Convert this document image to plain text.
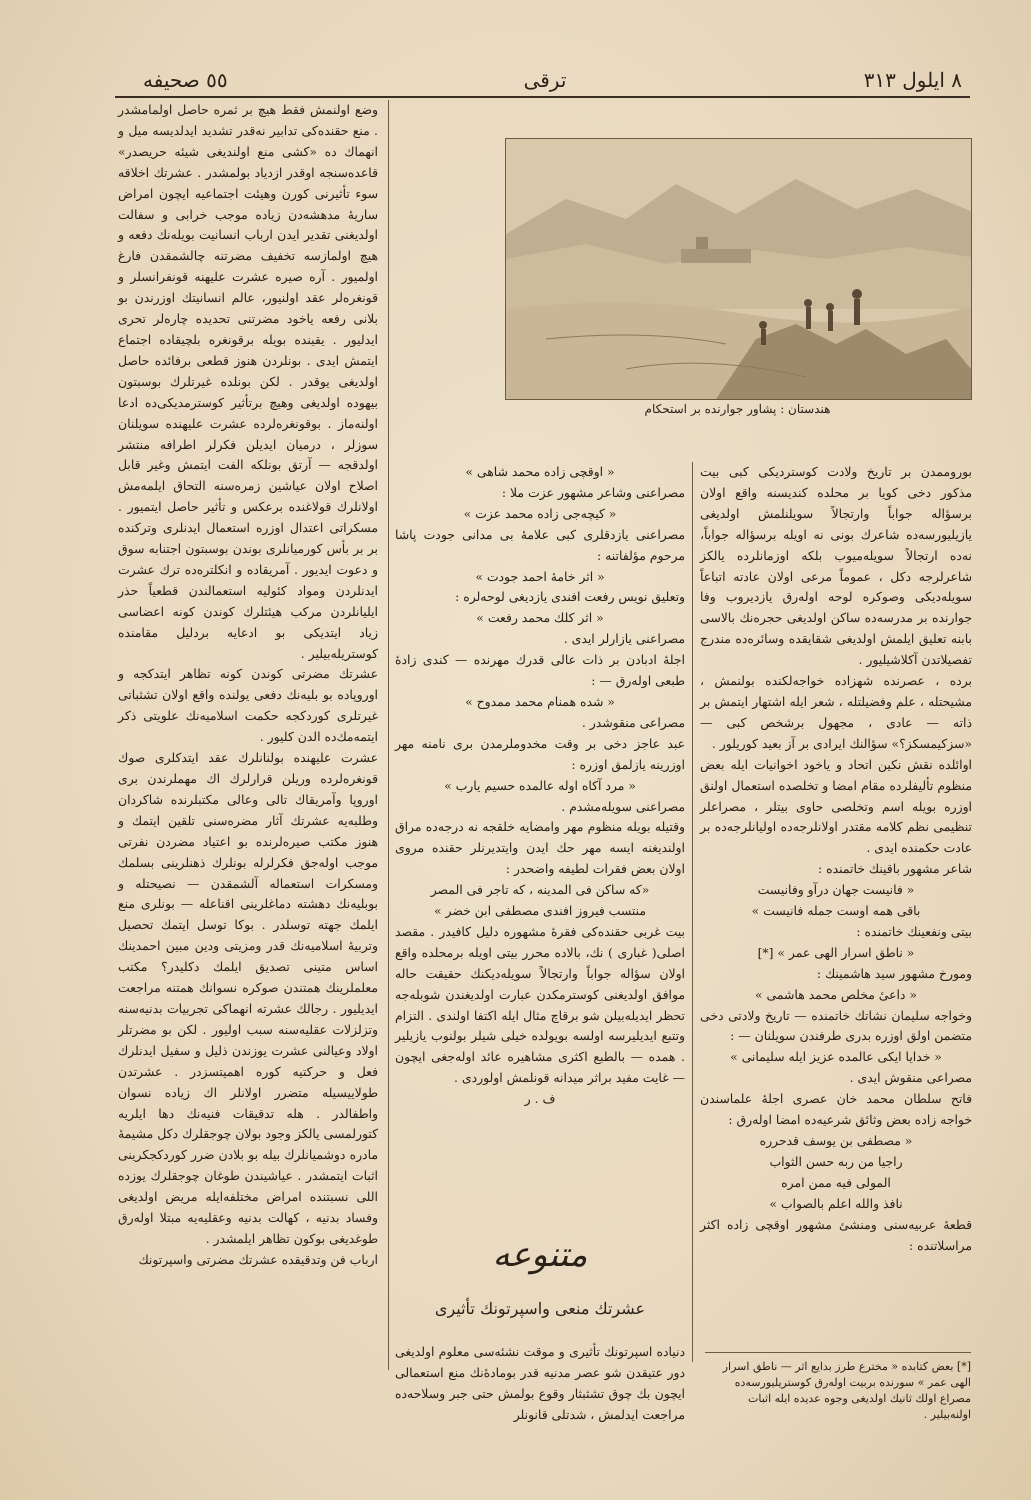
٥٥ صحیفه	ترقی	٨ ایلول ٣١٣

وضع اولنمش فقط هیچ بر ثمره حاصل اولمامشدر . منع حقنده‌کی تدابیر نه‌قدر تشدید ایدلدیسه میل و انهماك ده «کشی منع اولندیغی شیئه حریصدر» قاعده‌سنجه اوقدر ازدیاد بولمشدر . عشرتك اخلاقه سوء تأثیرنی کورن وهیئت اجتماعیه ایچون امراض ساریهٔ مدهشه‌دن زیاده موجب خرابی و سفالت اولدیغنی تقدیر ایدن ارباب انسانیت بویله‌نك دفعه و هیچ اولمازسه تخفیف مضرتنه چالشمقدن فارغ اولمیور . آره صیره عشرت علیهنه قونفرانسلر و قونغره‌لر عقد اولنیور، عالم انسانیتك اوزرندن بو بلانی رفعه یاخود مضرتنی تحدیده چاره‌لر تحری ایدلیور . یقینده بویله برقونغره بلچیقاده اجتماع ایتمش ایدی . بونلردن هنوز قطعی برفائده حاصل اولدیغی یوقدر . لکن بونلده غیرتلرك بوسبتون بیهوده اولدیغی وهیچ برتأثیر کوسترمدیکی‌ده ادعا اولنه‌ماز . بوقونغره‌لرده عشرت علیهنده سویلنان سوزلر ، درمیان ایدیلن فکرلر اطرافه منتشر اولدقجه — آرتق بونلکه الفت ایتمش وغیر قابل اصلاح اولان عیاشین زمره‌سنه التحاق ایلمه‌مش اولانلرك قولاغنده برعکس و تأثیر حاصل ایتمیور . مسکراتی اعتدال اوزره استعمال ایدنلری وترکنده بر بر بأس کورمیانلری بوندن بوسبتون اجتنابه سوق و دعوت ایدیور . آمریقاده و انکلتره‌ده ترك عشرت ایدنلردن ومواد کئولیه استعمالندن قطعیاً حذر ایلیانلردن مرکب هیئتلرك کوندن کونه اعضاسی زیاد ایتدیکی بو ادعایه بردلیل مقامنده کوستریله‌بیلیر .

عشرتك مضرتی کوندن کونه تظاهر ایتدکجه و اوروپاده بو بلیه‌نك دفعی یولنده واقع اولان تشثباتی غیرتلری کوردکجه حکمت اسلامیه‌نك علویتی ذکر ایتمه‌مك‌ده الدن کلیور .

عشرت علیهنده بولنانلرك عقد ایتدکلری صوك قونغره‌لرده وریلن قرارلرك اك مهملرندن بری اوروپا وآمریقاك تالی وعالی مکتبلرنده شاکردان وطلبه‌یه عشرتك آثار مضره‌سنی تلقین ایتمك و هنوز مکتب صیره‌لرنده بو اعتیاد مضردن نفرتی موجب اوله‌جق فکرلرله بونلرك ذهنلرینی بسلمك ومسکرات استعماله آلشمقدن — نصیحتله و بوبلیه‌نك دهشته دماغلرینی اقناعله — بونلری منع ایلمك جهته توسلدر . بوکا توسل ایتمك تحصیل وتربیهٔ اسلامیه‌نك قدر ومزیتی ودین مبین احمدینك اساس متینی تصدیق ایلمك دکلیدر؟ مکتب معلملرینك همتندن صوکره نسوانك همتنه مراجعت ایدیلیور . رجالك عشرته انهماکی تجربیات بدنیه‌سنه وتزلزلات عقلیه‌سنه سبب اولیور . لکن بو مضرتلر اولاد وعیالنی عشرت یوزندن ذلیل و سفیل ایدنلرك فعل و حرکتیه کوره اهمیتسزدر . عشرتدن طولاییسیله متضرر اولانلر اك زیاده نسوان واطفالدر . هله تدقیقات فنیه‌نك دها ایلریه کتورلمسی یالکز وجود بولان چوجقلرك دکل مشیمهٔ مادره دوشمیانلرك بیله بو بلادن ضرر کوردکجکرینی اثبات ایتمشدر . عیاشیندن طوغان چوجقلرك یوزده اللی نسبتنده امراض مختلفه‌ایله مریض اولدیغی وفساد بدنیه ، کهالت بدنیه وعقلیه‌یه مبتلا اوله‌رق طوغدیغی بوکون تظاهر ایلمشدر .

ارباب فن وتدقیقده عشرتك مضرتی واسپرتونك

هندستان : پشاور جوارنده بر استحکام

« اوقچی زاده محمد شاهی »

مصراعنی وشاعر مشهور عزت ملا :

« کیچه‌جی زاده محمد عزت »

مصراعنی یازدقلری کبی علامهٔ بی مدانی جودت پاشا مرحوم مؤلفاتنه :

« اثر خامهٔ احمد جودت »

وتعلیق نویس رفعت افندی یازدیغی لوحه‌لره :

« اثر کلك محمد رفعت »

مصراعنی یازارلر ایدی .

اجلهٔ ادبادن بر ذات عالی قدرك مهرنده — کندی زادهٔ طبعی اوله‌رق — :

« شده همنام محمد ممدوح »

مصراعی منقوشدر .

عبد عاجز دخی بر وقت مخدوملرمدن بری نامنه مهر اوزرینه یازلمق اوزره :

« مرد آکاه اوله عالمده حسیم یارب »

مصراعنی سویله‌مشدم .

وقتیله بویله منظوم مهر وامضایه خلقجه نه درجه‌ده مراق اولندیغنه ایسه مهر حك ایدن وایتدیرنلر حقنده مروی اولان بعض فقرات لطیفه واضحدر :

«که ساکن فی المدینه ، که تاجر فی المصر

منتسب فیروز افندی مصطفی ابن خضر »

بیت غربی حقنده‌کی فقرهٔ مشهوره دلیل کافیدر . مقصد اصلی( غباری ) نك، بالاده محرر بیتی اویله برمحلده واقع اولان سؤاله جواباً وارتجالاً سویله‌دیکنك حقیقت حاله موافق اولدیغنی کوسترمکدن عبارت اولدیغندن شوبله‌جه تحظر ایدیله‌بیلن شو برقاچ مثال ایله اکتفا اولندی . التزام وتتبع ایدیلیرسه اولسه بویولده خیلی شیلر بولنوب یازیلیر . همده — بالطبع اکثری مشاهیره عائد اوله‌جغی ایچون — غایت مفید براثر میدانه قونلمش اولوردی .

ف . ر

متنوعه
عشرتك منعی واسپرتونك تأثیری
دنیاده اسپرتونك تأثیری و موقت نشئه‌سی معلوم اولدیغی دور عتیقدن شو عصر مدنیه قدر بومادهٔ‌نك منع استعمالی ایچون بك چوق تشثبثار وقوع بولمش حتی جبر وسلاحه‌ده مراجعت ایدلمش ، شدتلی قانونلر

بوروممدن بر تاریخ ولادت کوستردیکی کبی بیت مذکور دخی کویا بر محلده کندیسنه واقع اولان برسؤاله جواباً وارتجالاً سویلنلمش اولدیغی یازیلیورسه‌ده شاعرك بونی نه اویله برسؤاله جواباً، نه‌ده ارتجالاً سویله‌میوب بلکه اوزمانلرده یالکز شاعرلرجه دکل ، عموماً مرعی اولان عادته اتباعاً سویله‌دیکی وصوکره لوحه اوله‌رق یازدیروب وفا جوارنده بر مدرسه‌ده ساکن اولدیغی حجره‌نك بالاسی بابنه تعلیق ایلمش اولدیغی شقایقده وسائره‌ده مندرج تفصیلاتدن آکلاشیلیور .

برده ، عصرنده شهزاده خواجه‌لکنده بولنمش ، مشیحتله ، علم وفضیلتله ، شعر ایله اشتهار ایتمش بر ذاته — عادی ، مجهول برشخص کبی — «سزکیمسکز؟» سؤالنك ایرادی بر آز بعید کوریلور .

اوائلده نقش نکین اتحاد و یاخود اخوانیات ایله بعض منظوم تألیفلرده مقام امضا و تخلصده استعمال اولنق اوزره بویله اسم وتخلصی حاوی بیتلر ، مصراعلر تنظیمی نظم کلامه مقتدر اولانلرجه‌ده اولیانلرجه‌ده بر عادت حکمنده ایدی .

شاعر مشهور باقینك خاتمنده :

« فانیست جهان درآو وفانیست

باقی همه اوست جمله فانیست »

بیتی ونفعینك خاتمنده :

« ناطق اسرار الهی عمر » [*]

ومورخ مشهور سید هاشمینك :

« داعیٔ مخلص محمد هاشمی »

وخواجه سلیمان نشاتك خاتمنده — تاریخ ولادتی دخی متضمن اولق اوزره بدری طرفندن سویلنان — :

« خدایا ایکی عالمده عزیز ایله سلیمانی »

مصراعی منقوش ایدی .

فاتح سلطان محمد خان عصری اجلهٔ علماسندن خواجه زاده بعض وثائق شرعیه‌ده امضا اوله‌رق :

« مصطفی بن یوسف قدحرره

راجیا من ربه حسن الثواب

المولی فیه ممن امره

نافذ والله اعلم بالصواب »

قطعهٔ عربیه‌سنی ومنشئ مشهور اوقچی زاده اکثر مراسلاتنده :

[*] بعض کتابده « مخترع طرز بدایع اثر — ناطق اسرار الهی عمر » سورنده بربیت اوله‌رق کوستریلیورسه‌ده مصراع اولك ثانیك اولدیغی وجوه عدیده ایله اثبات اولنه‌بیلیر .
